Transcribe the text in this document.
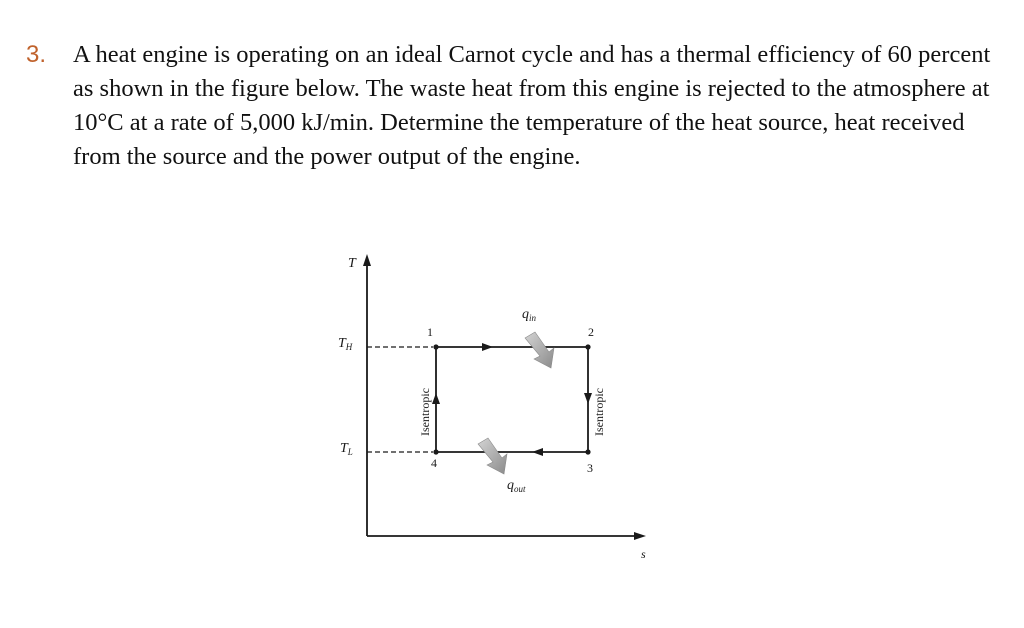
3. A heat engine is operating on an ideal Carnot cycle and has a thermal efficiency of 60 percent as shown in the figure below. The waste heat from this engine is rejected to the atmosphere at 10°C at a rate of 5,000 kJ/min. Determine the temperature of the heat source, heat received from the source and the power output of the engine.

T
s
$T_H$
$T_L$
1	2
3
4
$q_{in}$
$q_{out}$
Isentropic	Isentropic
